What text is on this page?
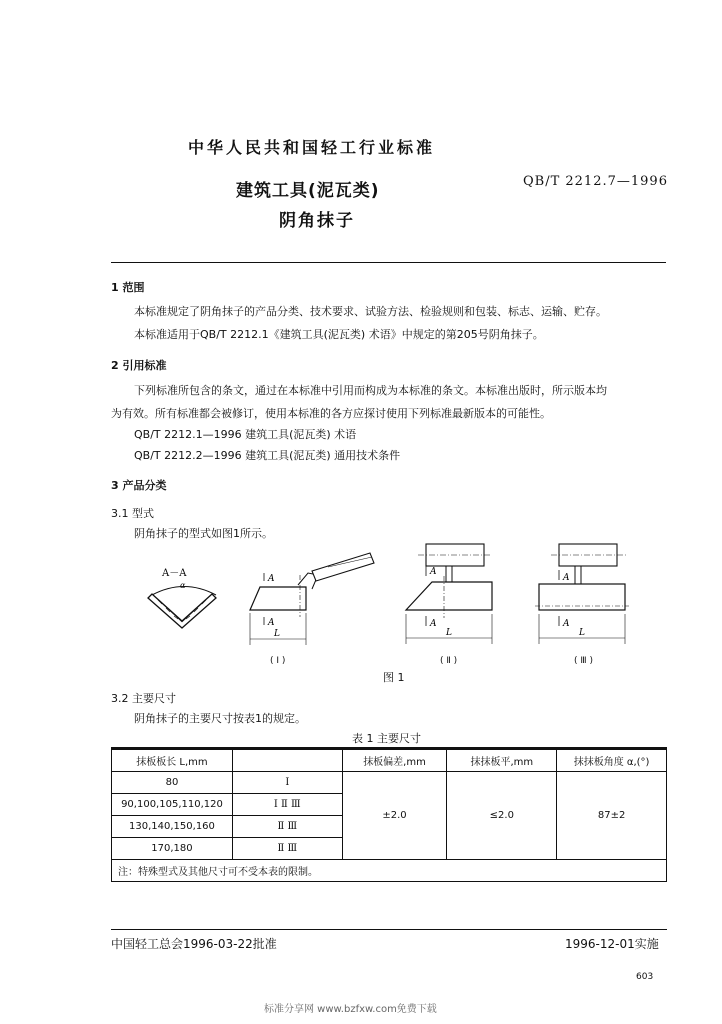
中华人民共和国轻工行业标准
建筑工具(泥瓦类)
阴角抹子
QB/T 2212.7—1996
1 范围
本标准规定了阴角抹子的产品分类、技术要求、试验方法、检验规则和包装、标志、运输、贮存。
本标准适用于QB/T 2212.1《建筑工具(泥瓦类) 术语》中规定的第205号阴角抹子。
2 引用标准
下列标准所包含的条文，通过在本标准中引用而构成为本标准的条文。本标准出版时，所示版本均
为有效。所有标准都会被修订，使用本标准的各方应探讨使用下列标准最新版本的可能性。
QB/T 2212.1—1996 建筑工具(泥瓦类) 术语
QB/T 2212.2—1996 建筑工具(泥瓦类) 通用技术条件
3 产品分类
3.1 型式
阴角抹子的型式如图1所示。
A－A
α
A
A
L
A
A
L
A
A
L
( I )	( Ⅱ )	( Ⅲ )
图 1
3.2 主要尺寸
阴角抹子的主要尺寸按表1的规定。
表 1 主要尺寸
抹板板长 L,mm		抹板偏差,mm	抹抹板平,mm	抹抹板角度 α,(°)
80	Ⅰ	±2.0	≤2.0	87±2
90,100,105,110,120	Ⅰ Ⅱ Ⅲ			
130,140,150,160	Ⅱ Ⅲ			
170,180	Ⅱ Ⅲ			
注：特殊型式及其他尺寸可不受本表的限制。				
中国轻工总会1996-03-22批准	1996-12-01实施
603
标准分享网 www.bzfxw.com免费下载
